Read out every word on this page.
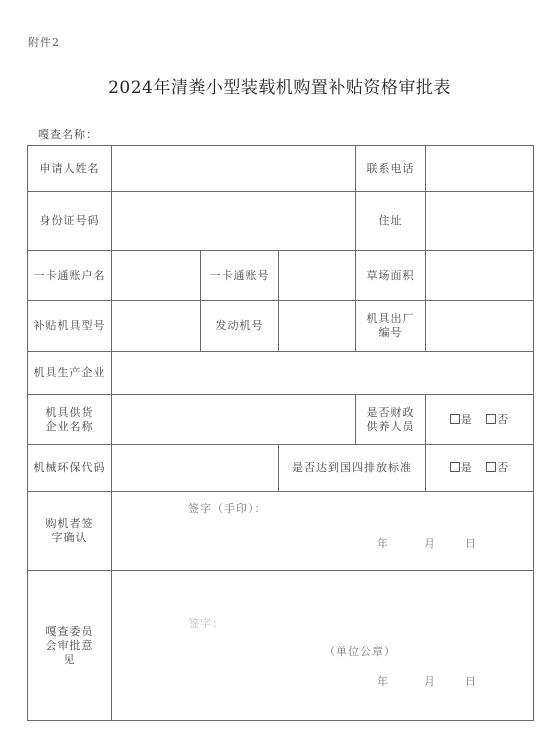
附件2
2024年清粪小型装载机购置补贴资格审批表
嘎查名称：
申请人姓名				联系电话	
身份证号码				住址	
一卡通账户名		一卡通账号		草场面积	
补贴机具型号		发动机号		机具出厂编号	
机具生产企业					
机具供货企业名称				是否财政供养人员	是 否
机械环保代码			是否达到国四排放标准		是 否
购机者签字确认	签字（手印）：
年 月 日				

嘎查委员会审批意见	签字：
（单位公章）
年 月 日				
